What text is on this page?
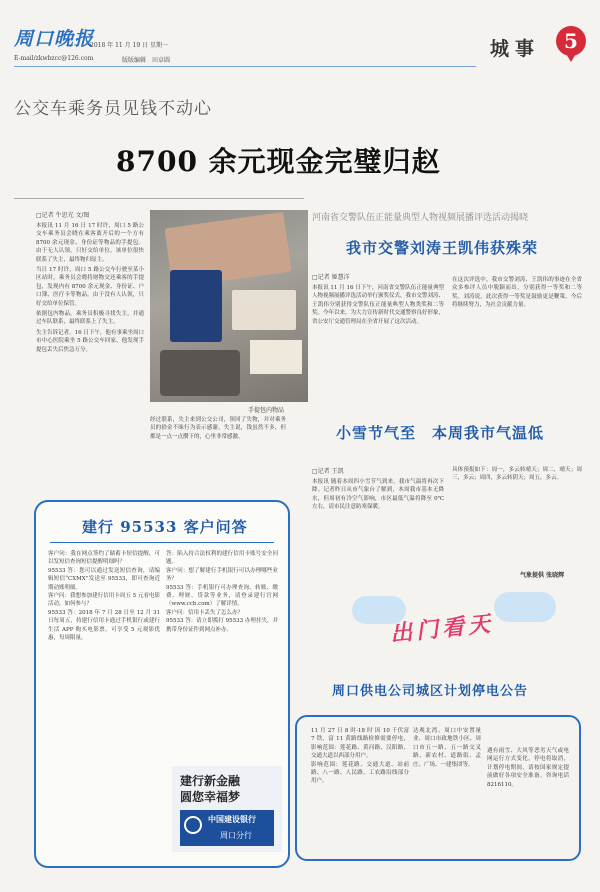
周口晚报
2018 年 11 月 19 日 星期一
E-mail/zkwbzcc@126.com	版版编辑　田卓圆
城事	5
公交车乘务员见钱不动心
8700 余元现金完璧归赵
□记者 牛思光 文/图

本报讯 11 月 16 日 17 时许，周口 5 路公交车乘务员会晓在乘客离开后的一个方有 8700 余元现金、身份证等物品的手提包。由于无人认领，只好交给单位。该单位很快联系了失主，最终物归原主。

当日 17 时许，周口 5 路公交车行驶至某小区站时，乘务员会晓将财物交还乘客的手提包，发现内有 8700 余元现金、身份证、户口簿、医疗卡等物品。由于没有人认领，只好交给单位保管。

依据包内物品，乘务员积极寻找失主，并通过车队联系，最终联系上了失主。

失主告诉记者，16 日下午，他有事乘坐周口市中心医院乘坐 5 路公交车回家，他发现手提包丢失后焦急万分。

手提包内物品
经过联系，失主来到公交公司，领回了失物，并对乘务员的拾金不昧行为表示感谢。失主说，钱虽然不多，但都是一点一点攒下的，心里非常感激。
河南省交警队伍正能量典型人物视频展播评选活动揭晓
我市交警刘涛王凯伟获殊荣
□记者 姬慧洋
本报讯 11 月 16 日下午，河南省交警队伍正能量典型人物视频展播评选活动举行颁奖仪式，我市交警刘涛、王凯伟分别获得交警队伍正能量典型人物类奖和二等奖。今年以来，为大力宣传新时代交通警察良好形象，省公安厅交通管理局在全省开展了这次活动。
在这次评选中，我市交警刘涛、王凯伟的事迹在全省众多参评人员中脱颖而出，分别获得一等奖和二等奖。刘涛说，此次获得一等奖是鼓励更是鞭策，今后将继续努力，为社会贡献力量。
小雪节气至　本周我市气温低
□记者 王凯
本报讯 随着本周四小雪节气到来，我市气温将再次下降。记者昨日从市气象台了解到，本周我市基本无降水，但周初有冷空气影响，市区最低气温将降至 0℃左右，请市民注意防寒保暖。
具体预报如下：周一，多云转晴天；周二，晴天；周三，多云；周四，多云转阴天；周五，多云。
气象提供 张晓辉
出门看天
建行 95533 客户问答
客户问：我在网点签约了储蓄卡短信提醒，可以发短信查询短信提醒明细吗？
95533 答：您可以通过发送短信查询，请编辑短信“CXMX”发送至 95533，即可查询近期动账明细。
客户问：我想参加建行信用卡周五 5 元看电影活动，如何参与？
95533 答：2018 年 7 月 28 日至 12 月 31 日每周五，持建行信用卡通过手机银行或建行生活 APP 购买电影票，可享受 5 元观影优惠，每周限量。
答：陷入持合法权利的建行信用卡账号安全问题。
客户问：想了解建行手机银行可以办理哪些业务？
95533 答：手机银行可办理查询、转账、缴费、理财、贷款等业务，请登录建行官网（www.ccb.com）了解详情。
客户问：信用卡丢失了怎么办？
95533 答：请立即拨打 95533 办理挂失，并携带身份证件到网点补办。
建行新金融
圆您幸福梦
中国建设银行
周口分行
周口供电公司城区计划停电公告
11 月 27 日 8 时-18 时 因 10 千伏富 7 铁、富 11 黄路线路检修需要停电，影响范围：莲花路、黄河路、汉阳路、交通大道以西部分用户。
影响范围：莲花路、交通大道、站前路、八一路、人民路、工农路沿线部分用户。
达观北湾、周口中安置量业、周口市政地铁小区、周口市五一路、五一路交叉路、新农村、道路街、孟庄、广场、一建集团等。
遇有雨雪、大风等恶劣天气或电网运行方式变化，停电将取消，计划停电期间，请按国家规定提前做好各项安全准备。咨询电话 8216110。
